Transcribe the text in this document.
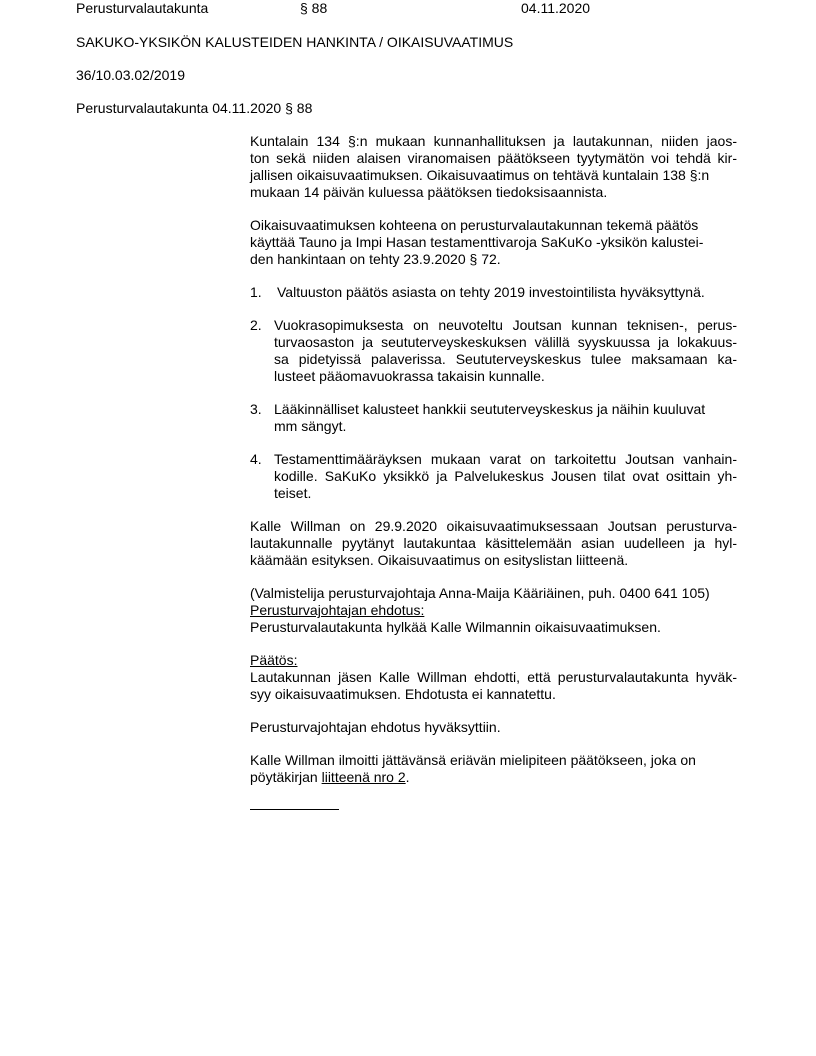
Perusturvalautakunta	§ 88	04.11.2020
SAKUKO-YKSIKÖN KALUSTEIDEN HANKINTA / OIKAISUVAATIMUS
36/10.03.02/2019
Perusturvalautakunta 04.11.2020 § 88
Kuntalain 134 §:n mukaan kunnanhallituksen ja lautakunnan, niiden jaos-
ton sekä niiden alaisen viranomaisen päätökseen tyytymätön voi tehdä kir-
jallisen oikaisuvaatimuksen. Oikaisuvaatimus on tehtävä kuntalain 138 §:n
mukaan 14 päivän kuluessa päätöksen tiedoksisaannista.
Oikaisuvaatimuksen kohteena on perusturvalautakunnan tekemä päätös
käyttää Tauno ja Impi Hasan testamenttivaroja SaKuKo -yksikön kalustei-
den hankintaan on tehty 23.9.2020 § 72.
1. Valtuuston päätös asiasta on tehty 2019 investointilista hyväksyttynä.
2. Vuokrasopimuksesta on neuvoteltu Joutsan kunnan teknisen-, perus-
turvaosaston ja seututerveyskeskuksen välillä syyskuussa ja lokakuus-
sa pidetyissä palaverissa. Seututerveyskeskus tulee maksamaan ka-
lusteet pääomavuokrassa takaisin kunnalle.
3. Lääkinnälliset kalusteet hankkii seututerveyskeskus ja näihin kuuluvat
mm sängyt.
4. Testamenttimääräyksen mukaan varat on tarkoitettu Joutsan vanhain-
kodille. SaKuKo yksikkö ja Palvelukeskus Jousen tilat ovat osittain yh-
teiset.
Kalle Willman on 29.9.2020 oikaisuvaatimuksessaan Joutsan perusturva-
lautakunnalle pyytänyt lautakuntaa käsittelemään asian uudelleen ja hyl-
käämään esityksen. Oikaisuvaatimus on esityslistan liitteenä.
(Valmistelija perusturvajohtaja Anna-Maija Kääriäinen, puh. 0400 641 105)
Perusturvajohtajan ehdotus:
Perusturvalautakunta hylkää Kalle Wilmannin oikaisuvaatimuksen.
Päätös:
Lautakunnan jäsen Kalle Willman ehdotti, että perusturvalautakunta hyväk-
syy oikaisuvaatimuksen. Ehdotusta ei kannatettu.
Perusturvajohtajan ehdotus hyväksyttiin.
Kalle Willman ilmoitti jättävänsä eriävän mielipiteen päätökseen, joka on
pöytäkirjan liitteenä nro 2.
